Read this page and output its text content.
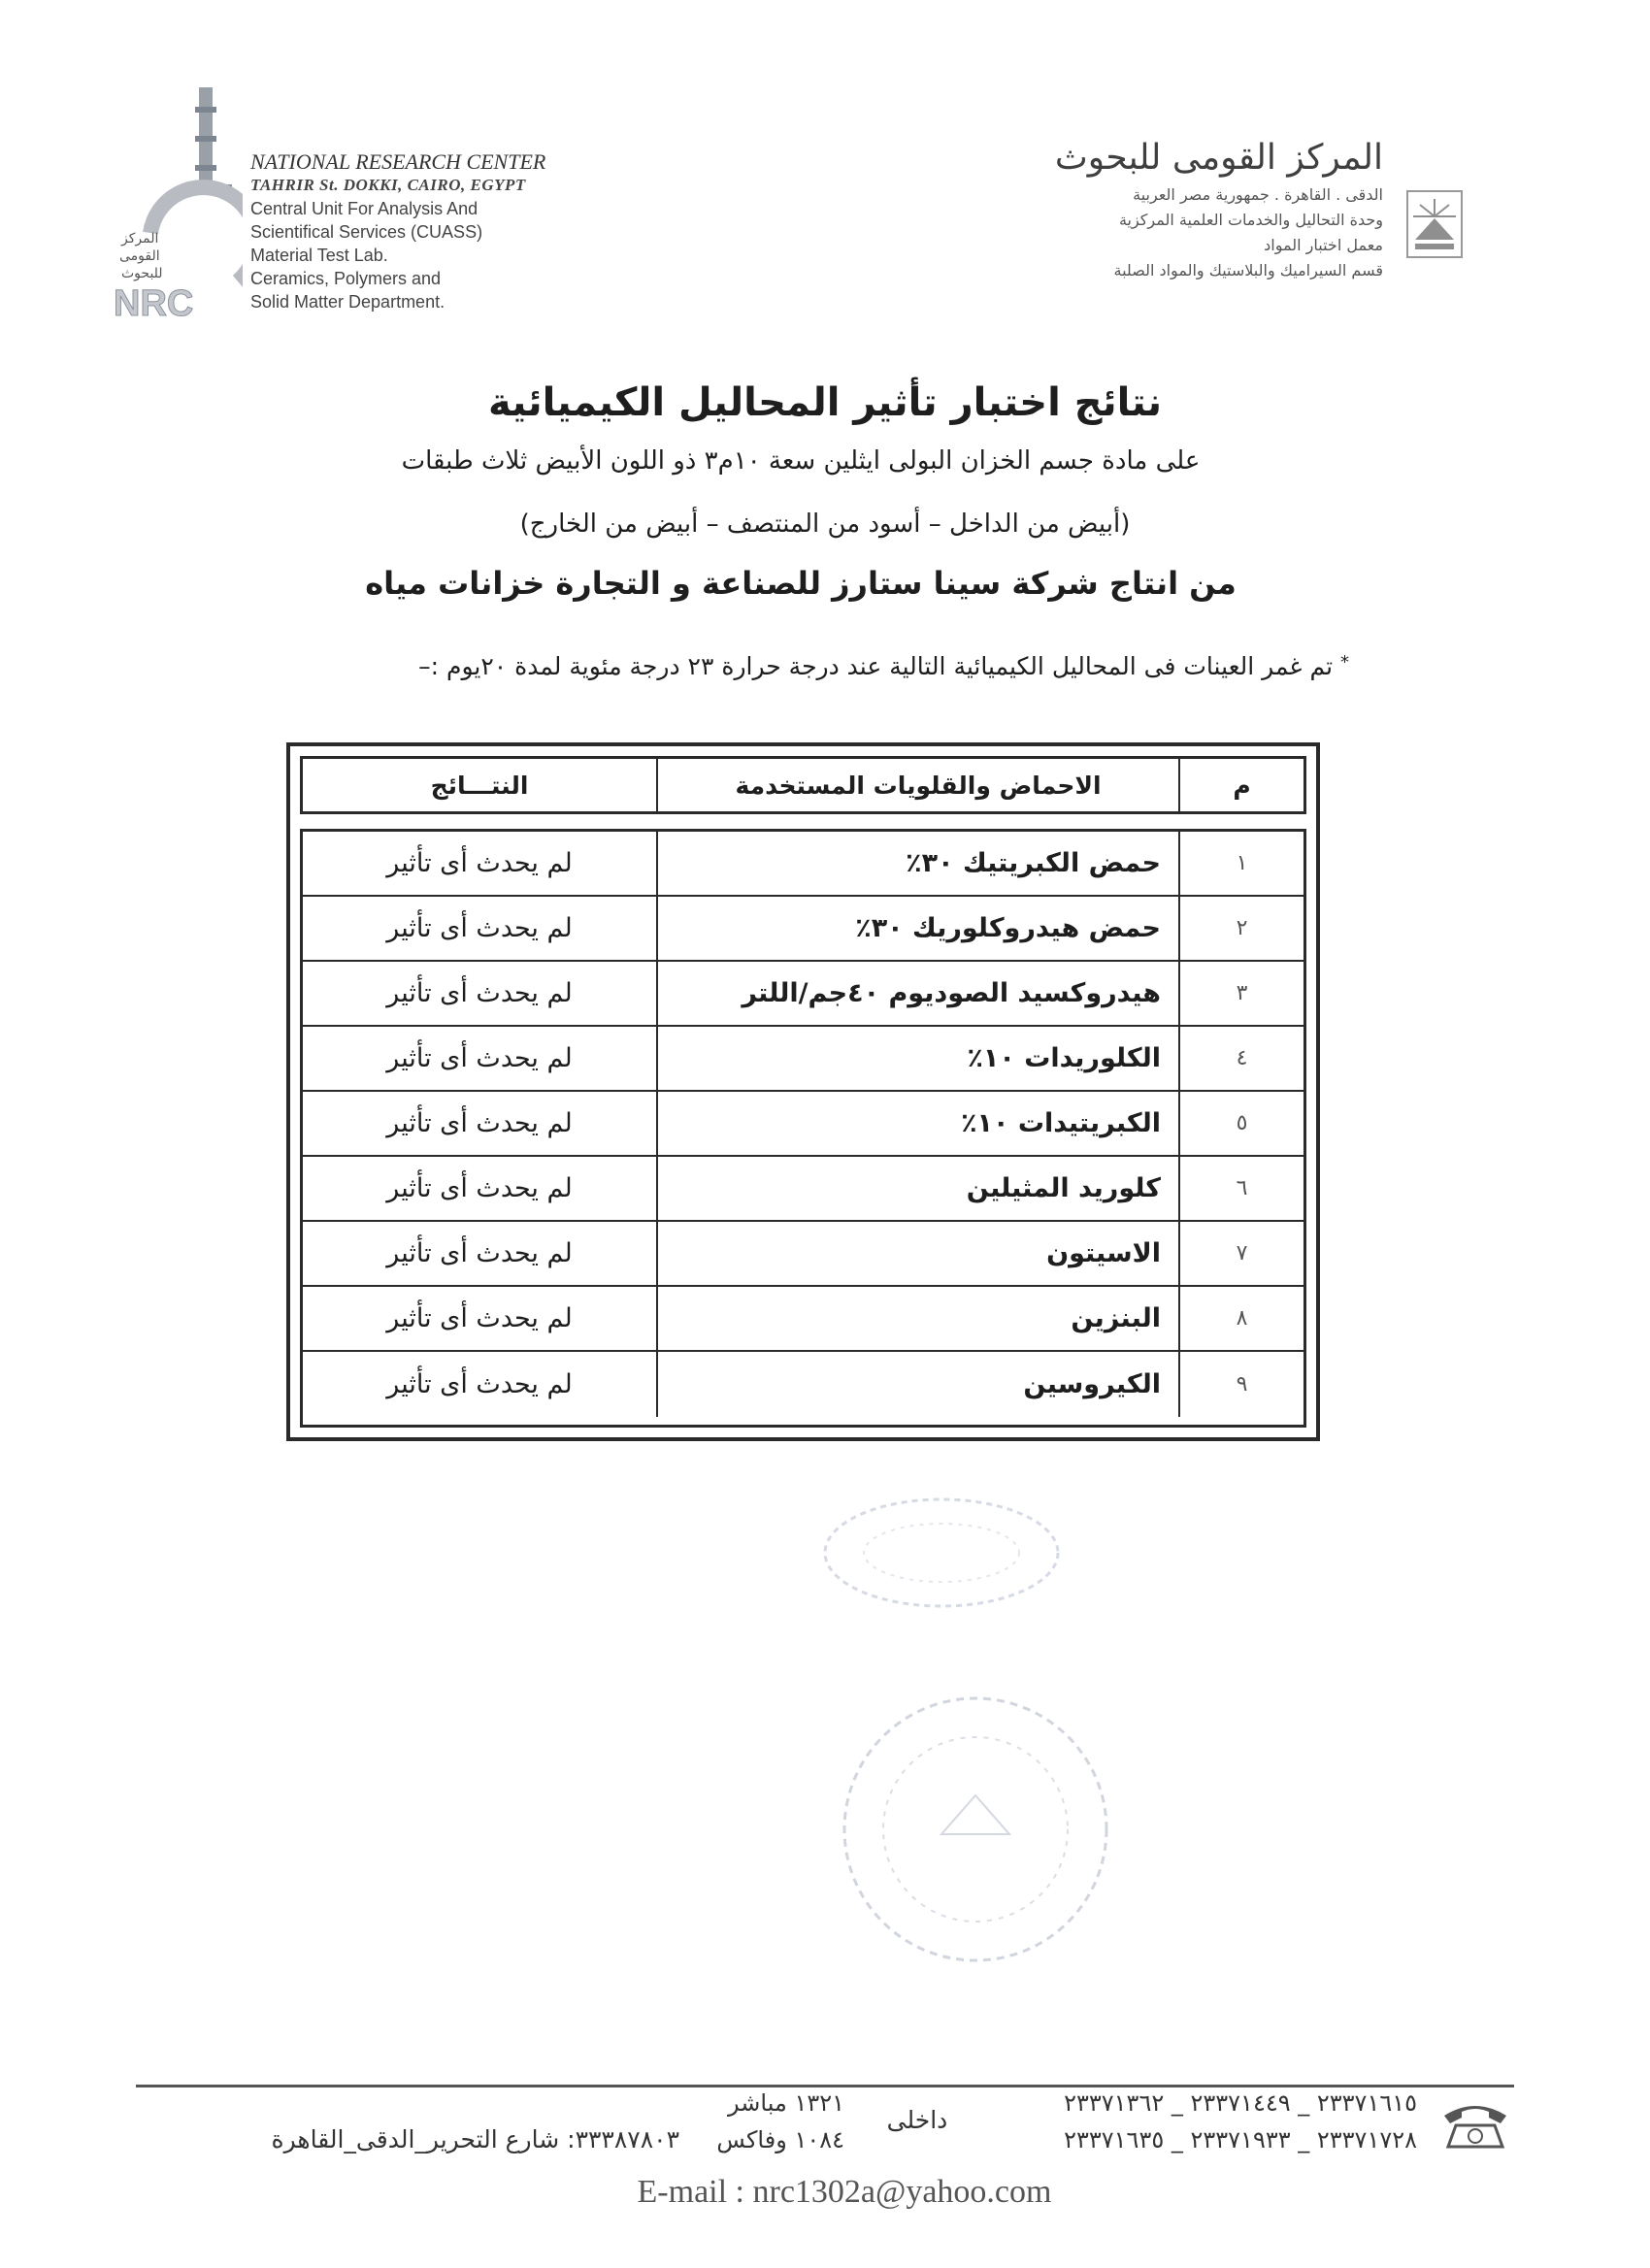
المركز
القومى
للبحوث
NRC
NATIONAL RESEARCH CENTER
TAHRIR St. DOKKI, CAIRO, EGYPT
Central Unit For Analysis And
Scientifical Services (CUASS)
Material Test Lab.
Ceramics, Polymers and
Solid Matter Department.
المركز القومى للبحوث
الدقى . القاهرة . جمهورية مصر العربية
وحدة التحاليل والخدمات العلمية المركزية
معمل اختبار المواد
قسم السيراميك والبلاستيك والمواد الصلبة
نتائج اختبار تأثير المحاليل الكيميائية
على مادة جسم الخزان البولى ايثلين سعة ١٠م٣ ذو اللون الأبيض ثلاث طبقات
(أبيض من الداخل – أسود من المنتصف – أبيض من الخارج)
من انتاج شركة سينا ستارز للصناعة و التجارة خزانات مياه
* تم غمر العينات فى المحاليل الكيميائية التالية عند درجة حرارة ٢٣ درجة مئوية لمدة ٢٠يوم :–
م
الاحماض والقلويات المستخدمة
النتـــائج
١
حمض الكبريتيك ٣٠٪
لم يحدث أى تأثير
٢
حمض هيدروكلوريك ٣٠٪
لم يحدث أى تأثير
٣
هيدروكسيد الصوديوم ٤٠جم/اللتر
لم يحدث أى تأثير
٤
الكلوريدات ١٠٪
لم يحدث أى تأثير
٥
الكبريتيدات ١٠٪
لم يحدث أى تأثير
٦
كلوريد المثيلين
لم يحدث أى تأثير
٧
الاسيتون
لم يحدث أى تأثير
٨
البنزين
لم يحدث أى تأثير
٩
الكيروسين
لم يحدث أى تأثير
٢٣٣٧١٦١٥ _ ٢٣٣٧١٤٤٩ _ ٢٣٣٧١٣٦٢
٢٣٣٧١٧٢٨ _ ٢٣٣٧١٩٣٣ _ ٢٣٣٧١٦٣٥
داخلى
١٣٢١ مباشر
١٠٨٤ وفاكس
٣٣٣٨٧٨٠٣: شارع التحرير_الدقى_القاهرة
E-mail : nrc1302a@yahoo.com
